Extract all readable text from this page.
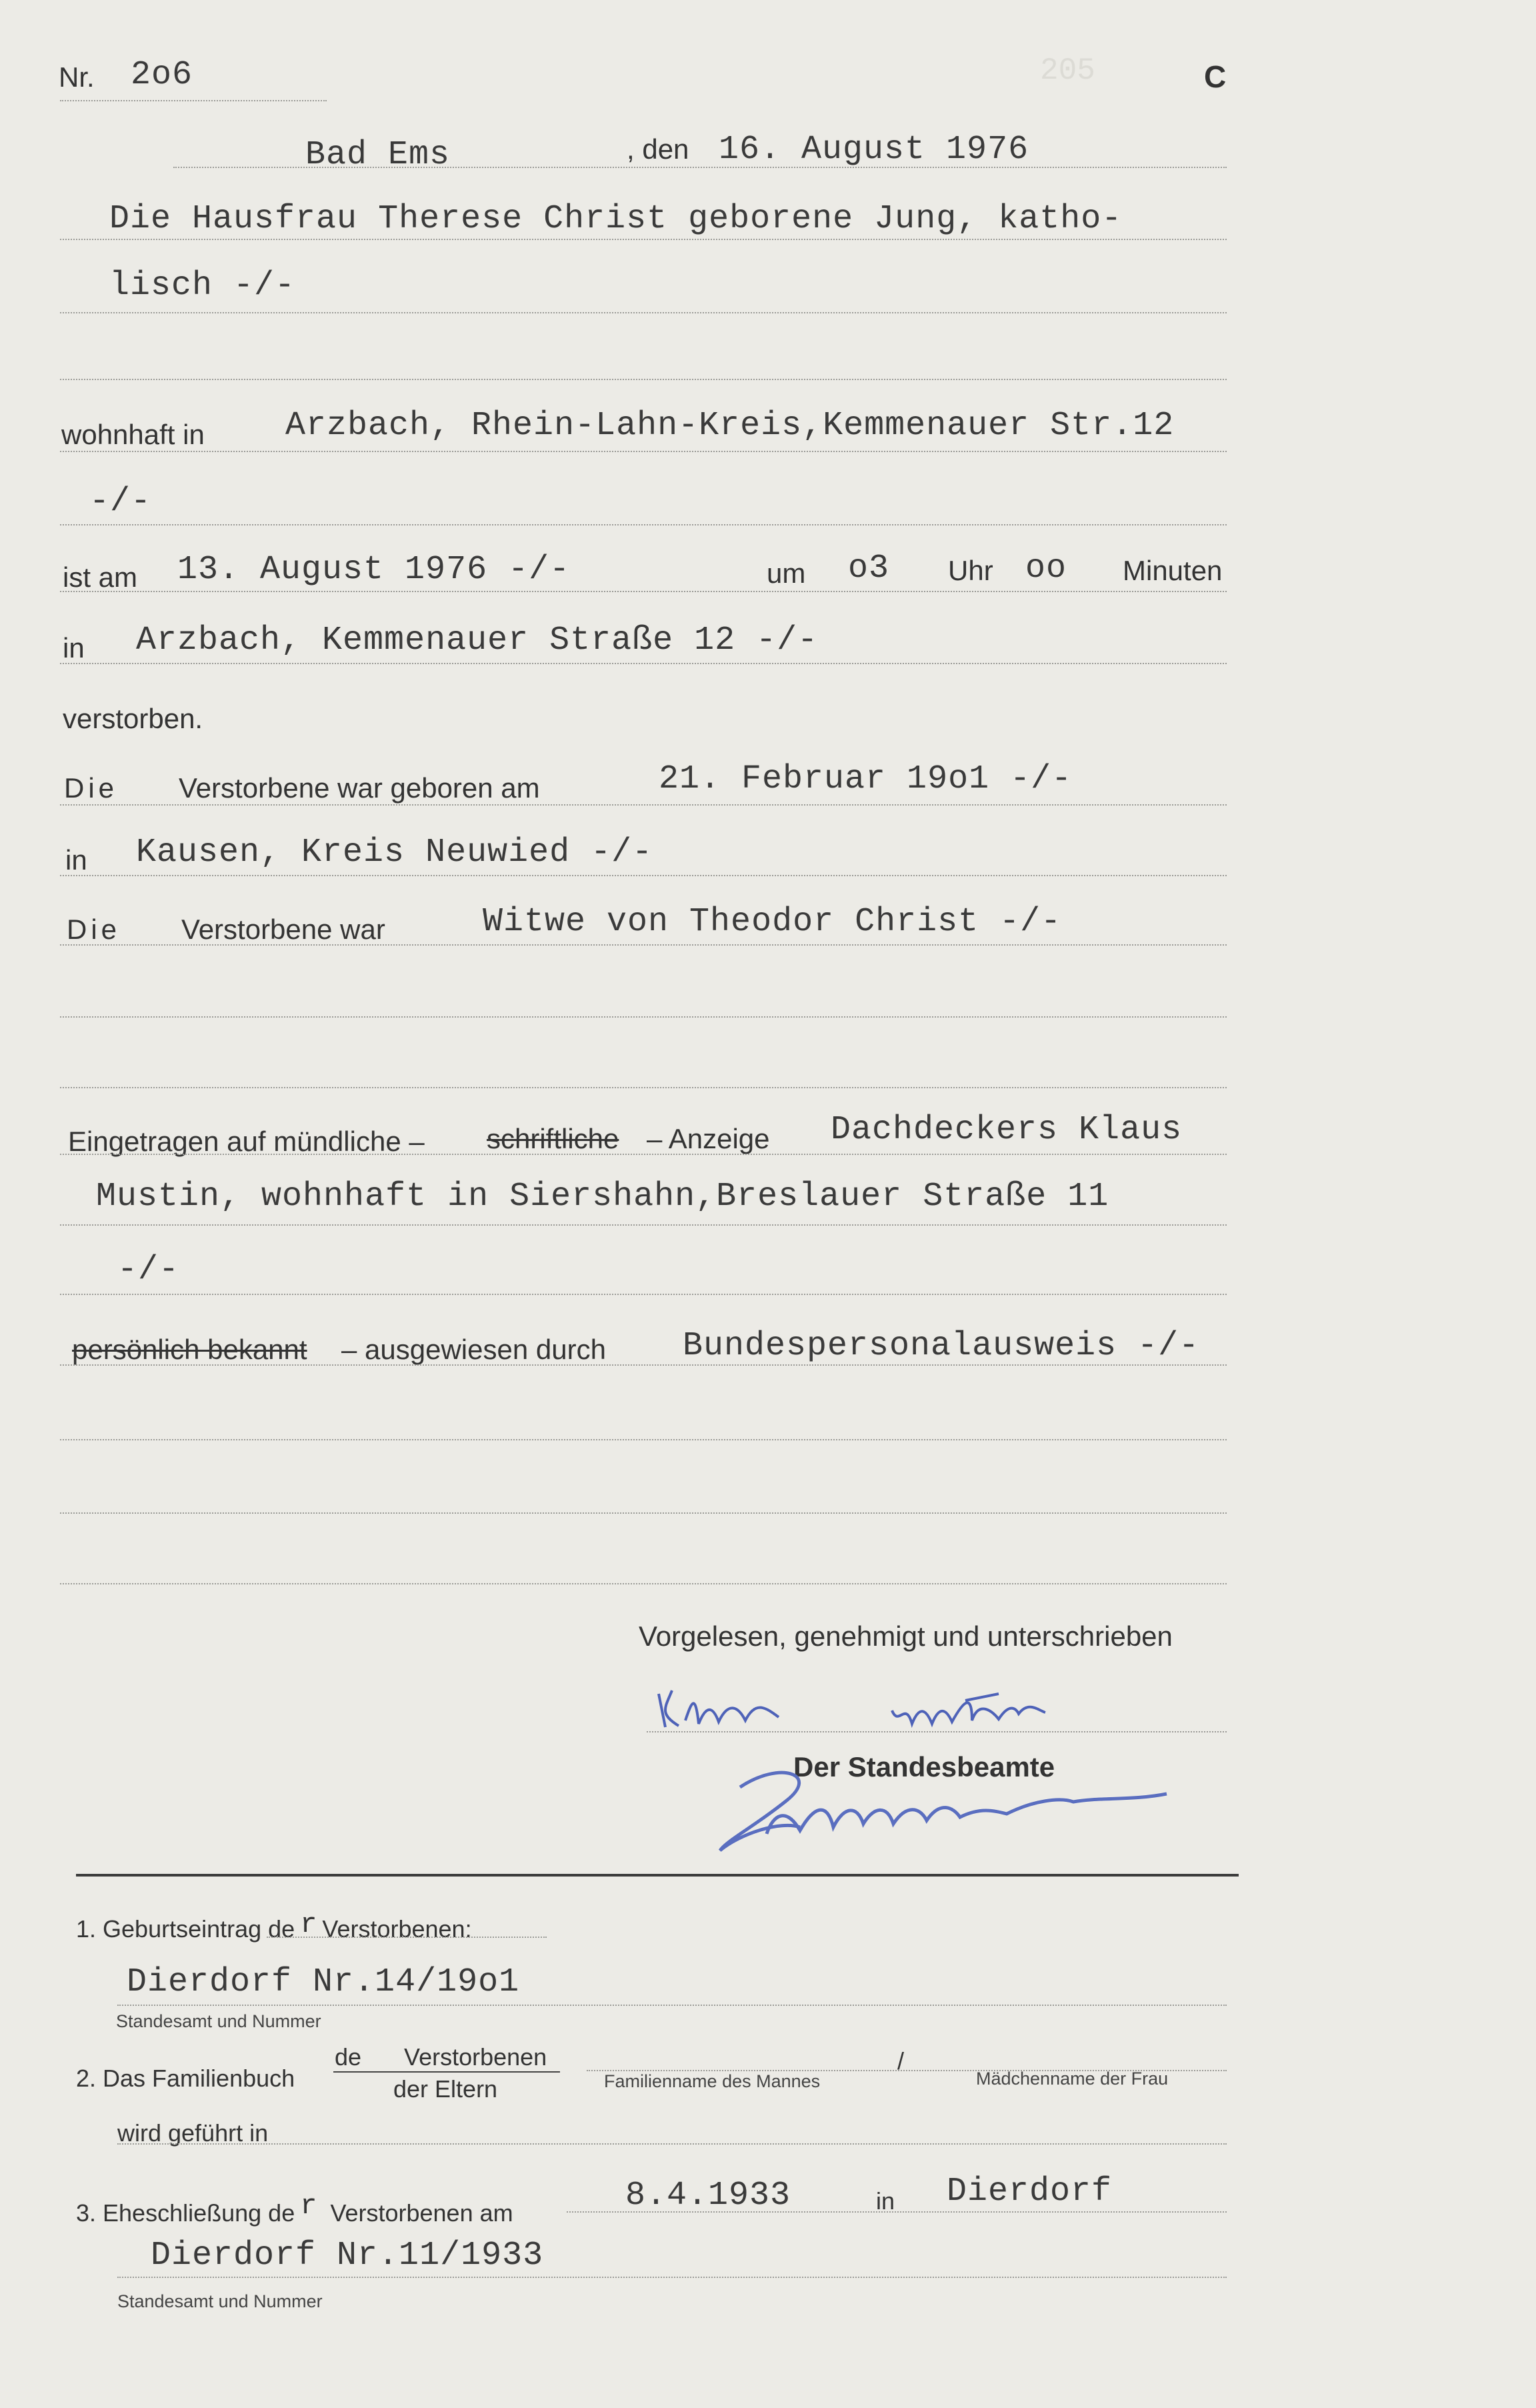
205
Nr. 2o6	C
Bad Ems	, den 16. August 1976
Die Hausfrau Therese Christ geborene Jung, katho-
lisch -/-
wohnhaft in Arzbach, Rhein-Lahn-Kreis,Kemmenauer Str.12
-/-
ist am 13. August 1976 -/-	um o3 Uhr oo Minuten
in Arzbach, Kemmenauer Straße 12 -/-
verstorben.
Die Verstorbene war geboren am	21. Februar 19o1 -/-
in Kausen, Kreis Neuwied -/-
Die Verstorbene war	Witwe von Theodor Christ -/-
Eingetragen auf mündliche – schriftliche – Anzeige Dachdeckers Klaus
Mustin, wohnhaft in Siershahn,Breslauer Straße 11
-/-
persönlich bekannt – ausgewiesen durch Bundespersonalausweis -/-
Vorgelesen, genehmigt und unterschrieben
Der Standesbeamte
1. Geburtseintrag de r Verstorbenen:
Dierdorf Nr.14/19o1
Standesamt und Nummer
2. Das Familienbuch
de Verstorbenen
der Eltern	Familienname des Mannes
/
Mädchenname der Frau
wird geführt in
3. Eheschließung de r Verstorbenen am	8.4.1933	in Dierdorf
Dierdorf Nr.11/1933
Standesamt und Nummer
